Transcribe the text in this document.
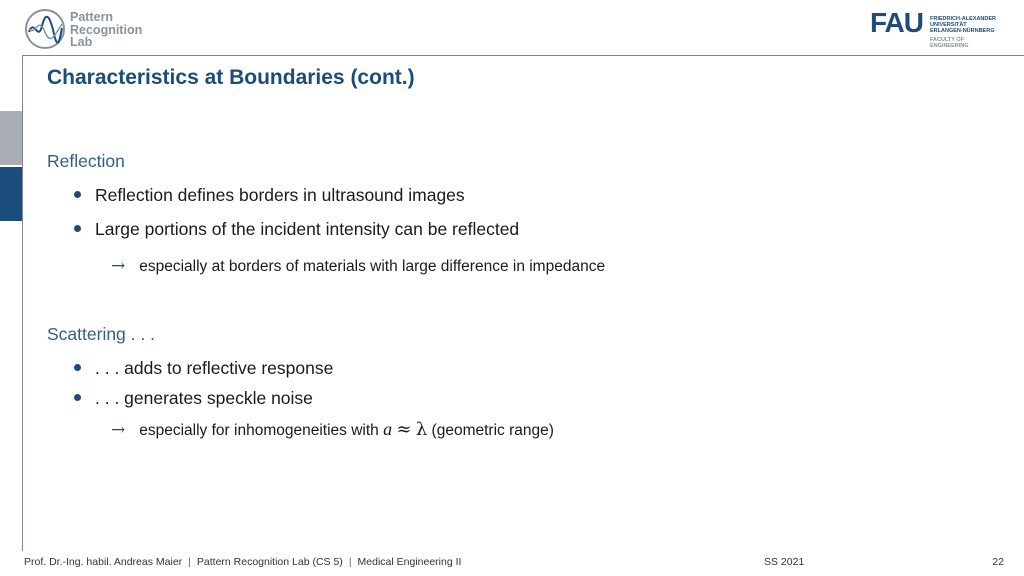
Pattern
Recognition
Lab
FAU FRIEDRICH-ALEXANDER
UNIVERSITÄT
ERLANGEN-NÜRNBERG
FACULTY OF ENGINEERING
Characteristics at Boundaries (cont.)
Reflection
Reflection defines borders in ultrasound images
Large portions of the incident intensity can be reflected
→ especially at borders of materials with large difference in impedance
Scattering . . .
. . . adds to reflective response
. . . generates speckle noise
→ especially for inhomogeneities with a ≈ λ (geometric range)
Prof. Dr.-Ing. habil. Andreas Maier | Pattern Recognition Lab (CS 5) | Medical Engineering II	SS 2021	22
